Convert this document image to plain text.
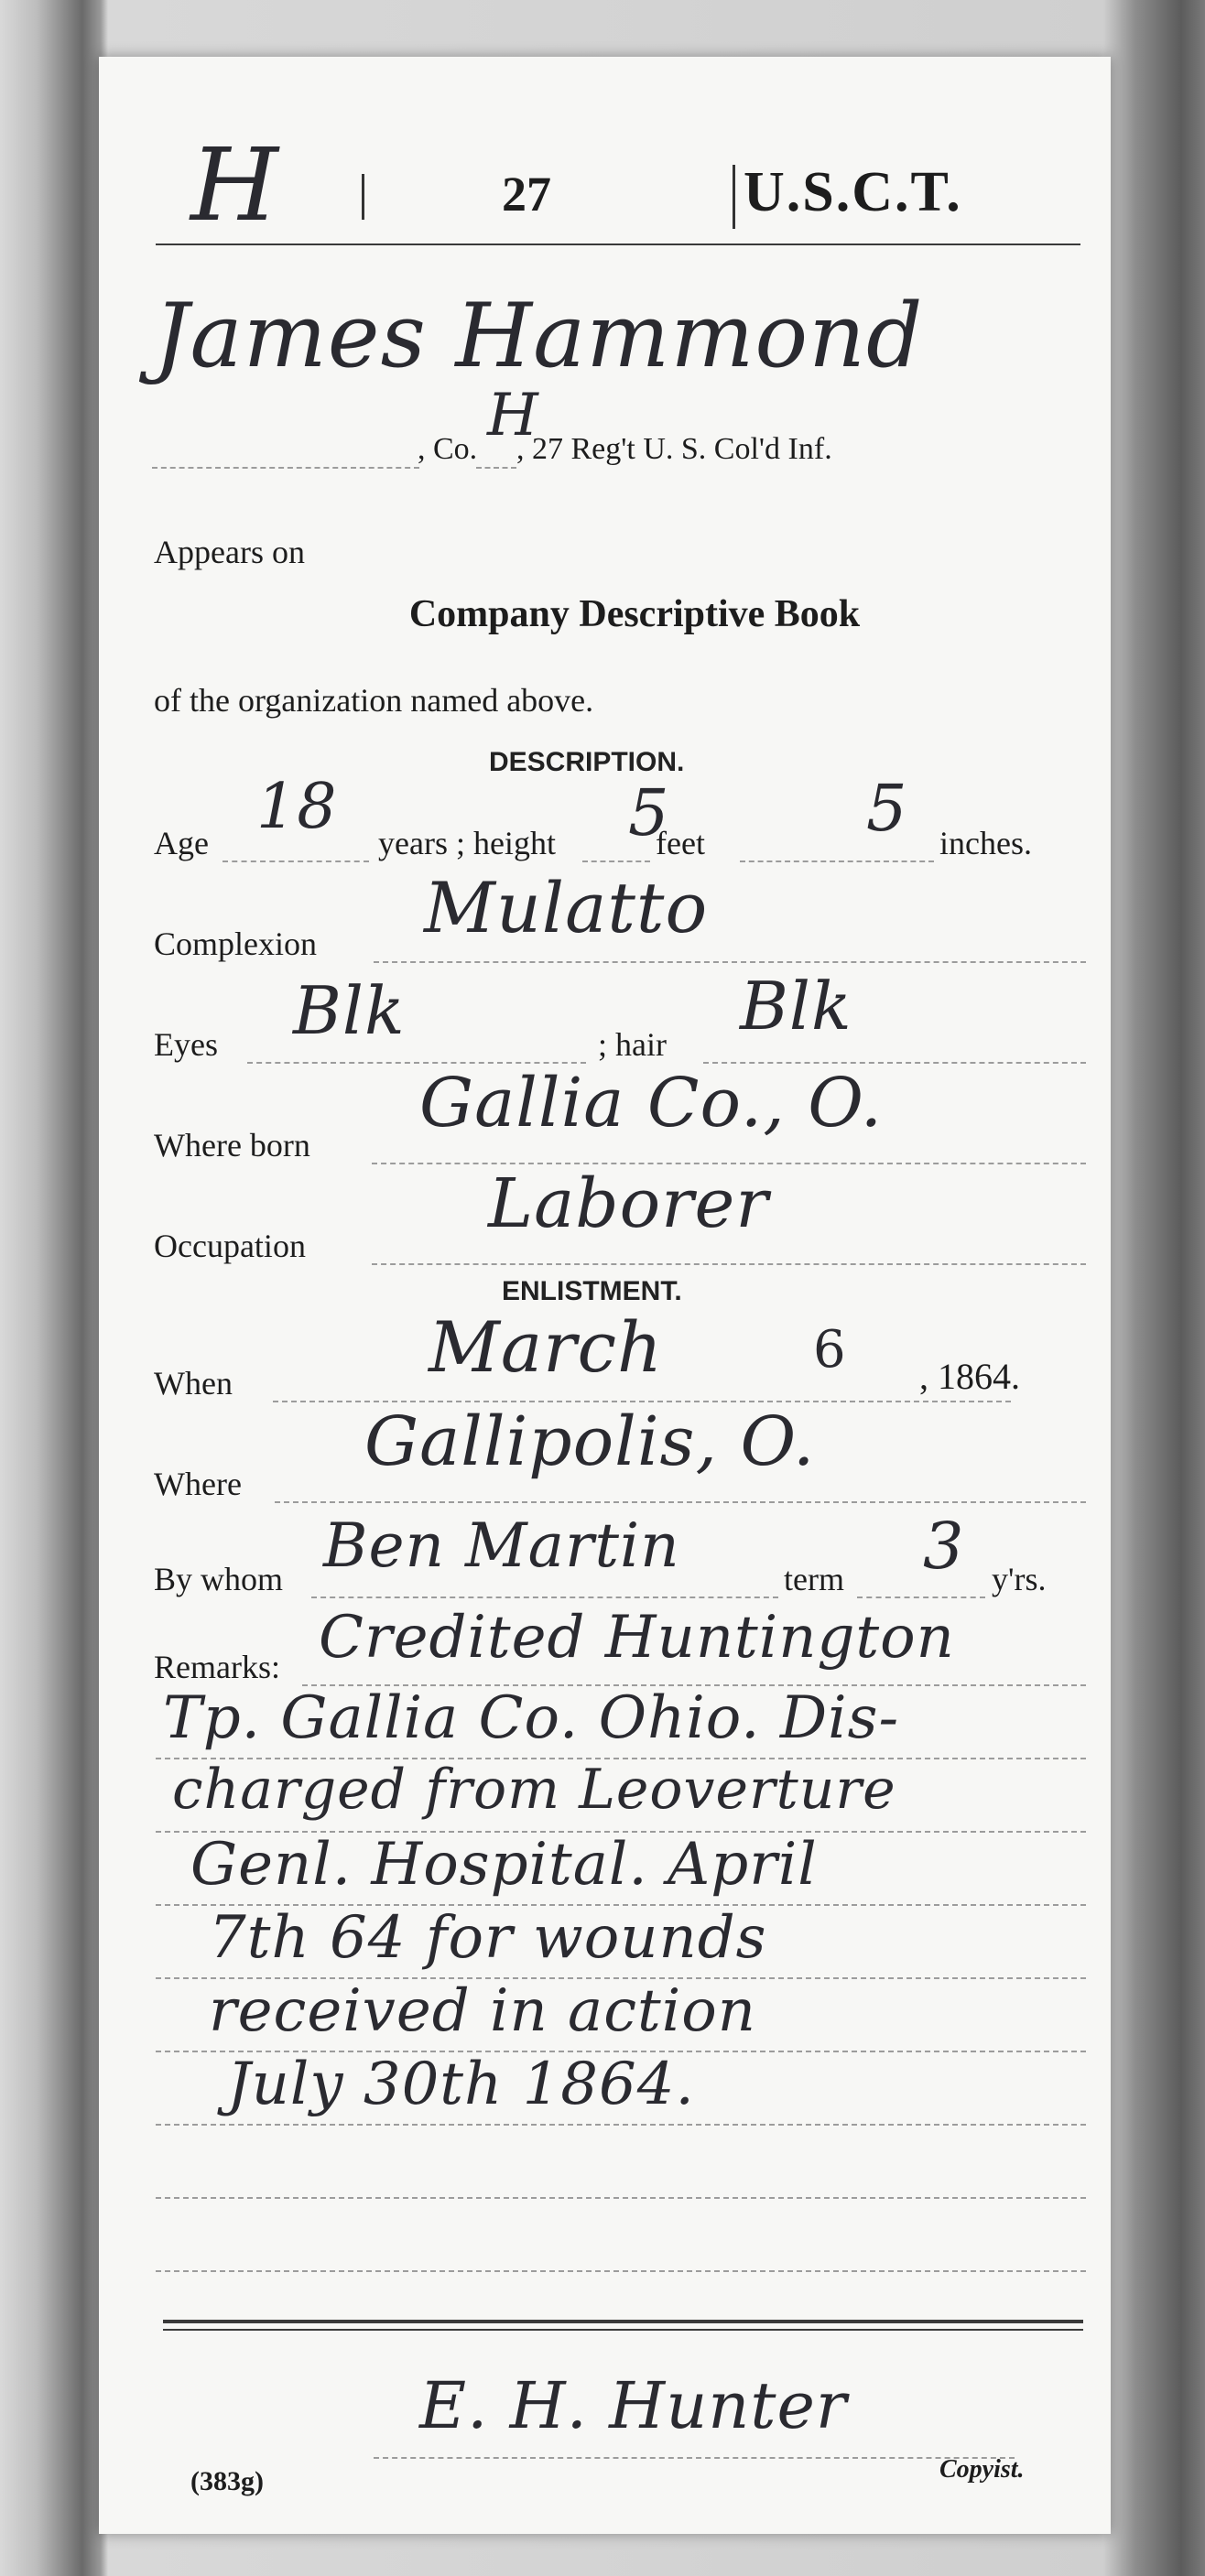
H	27	U.S.C.T.
James Hammond
, Co. H
, 27 Reg't U. S. Col'd Inf.
Appears on
Company Descriptive Book
of the organization named above.
DESCRIPTION.
Age 18 years ; height 5
feet	5 inches.
Complexion Mulatto
Eyes Blk	; hair Blk
Where born
Gallia Co., O.
Occupation
Laborer
ENLISTMENT.
When	March	6 , 1864.
Where
Gallipolis, O.
By whom Ben Martin	term 3 y'rs.
Remarks: Credited Huntington
Tp. Gallia Co. Ohio. Dis-
charged from Leoverture
Genl. Hospital. April
7th 64 for wounds
received in action
July 30th 1864.
E. H. Hunter
(383g)	Copyist.
